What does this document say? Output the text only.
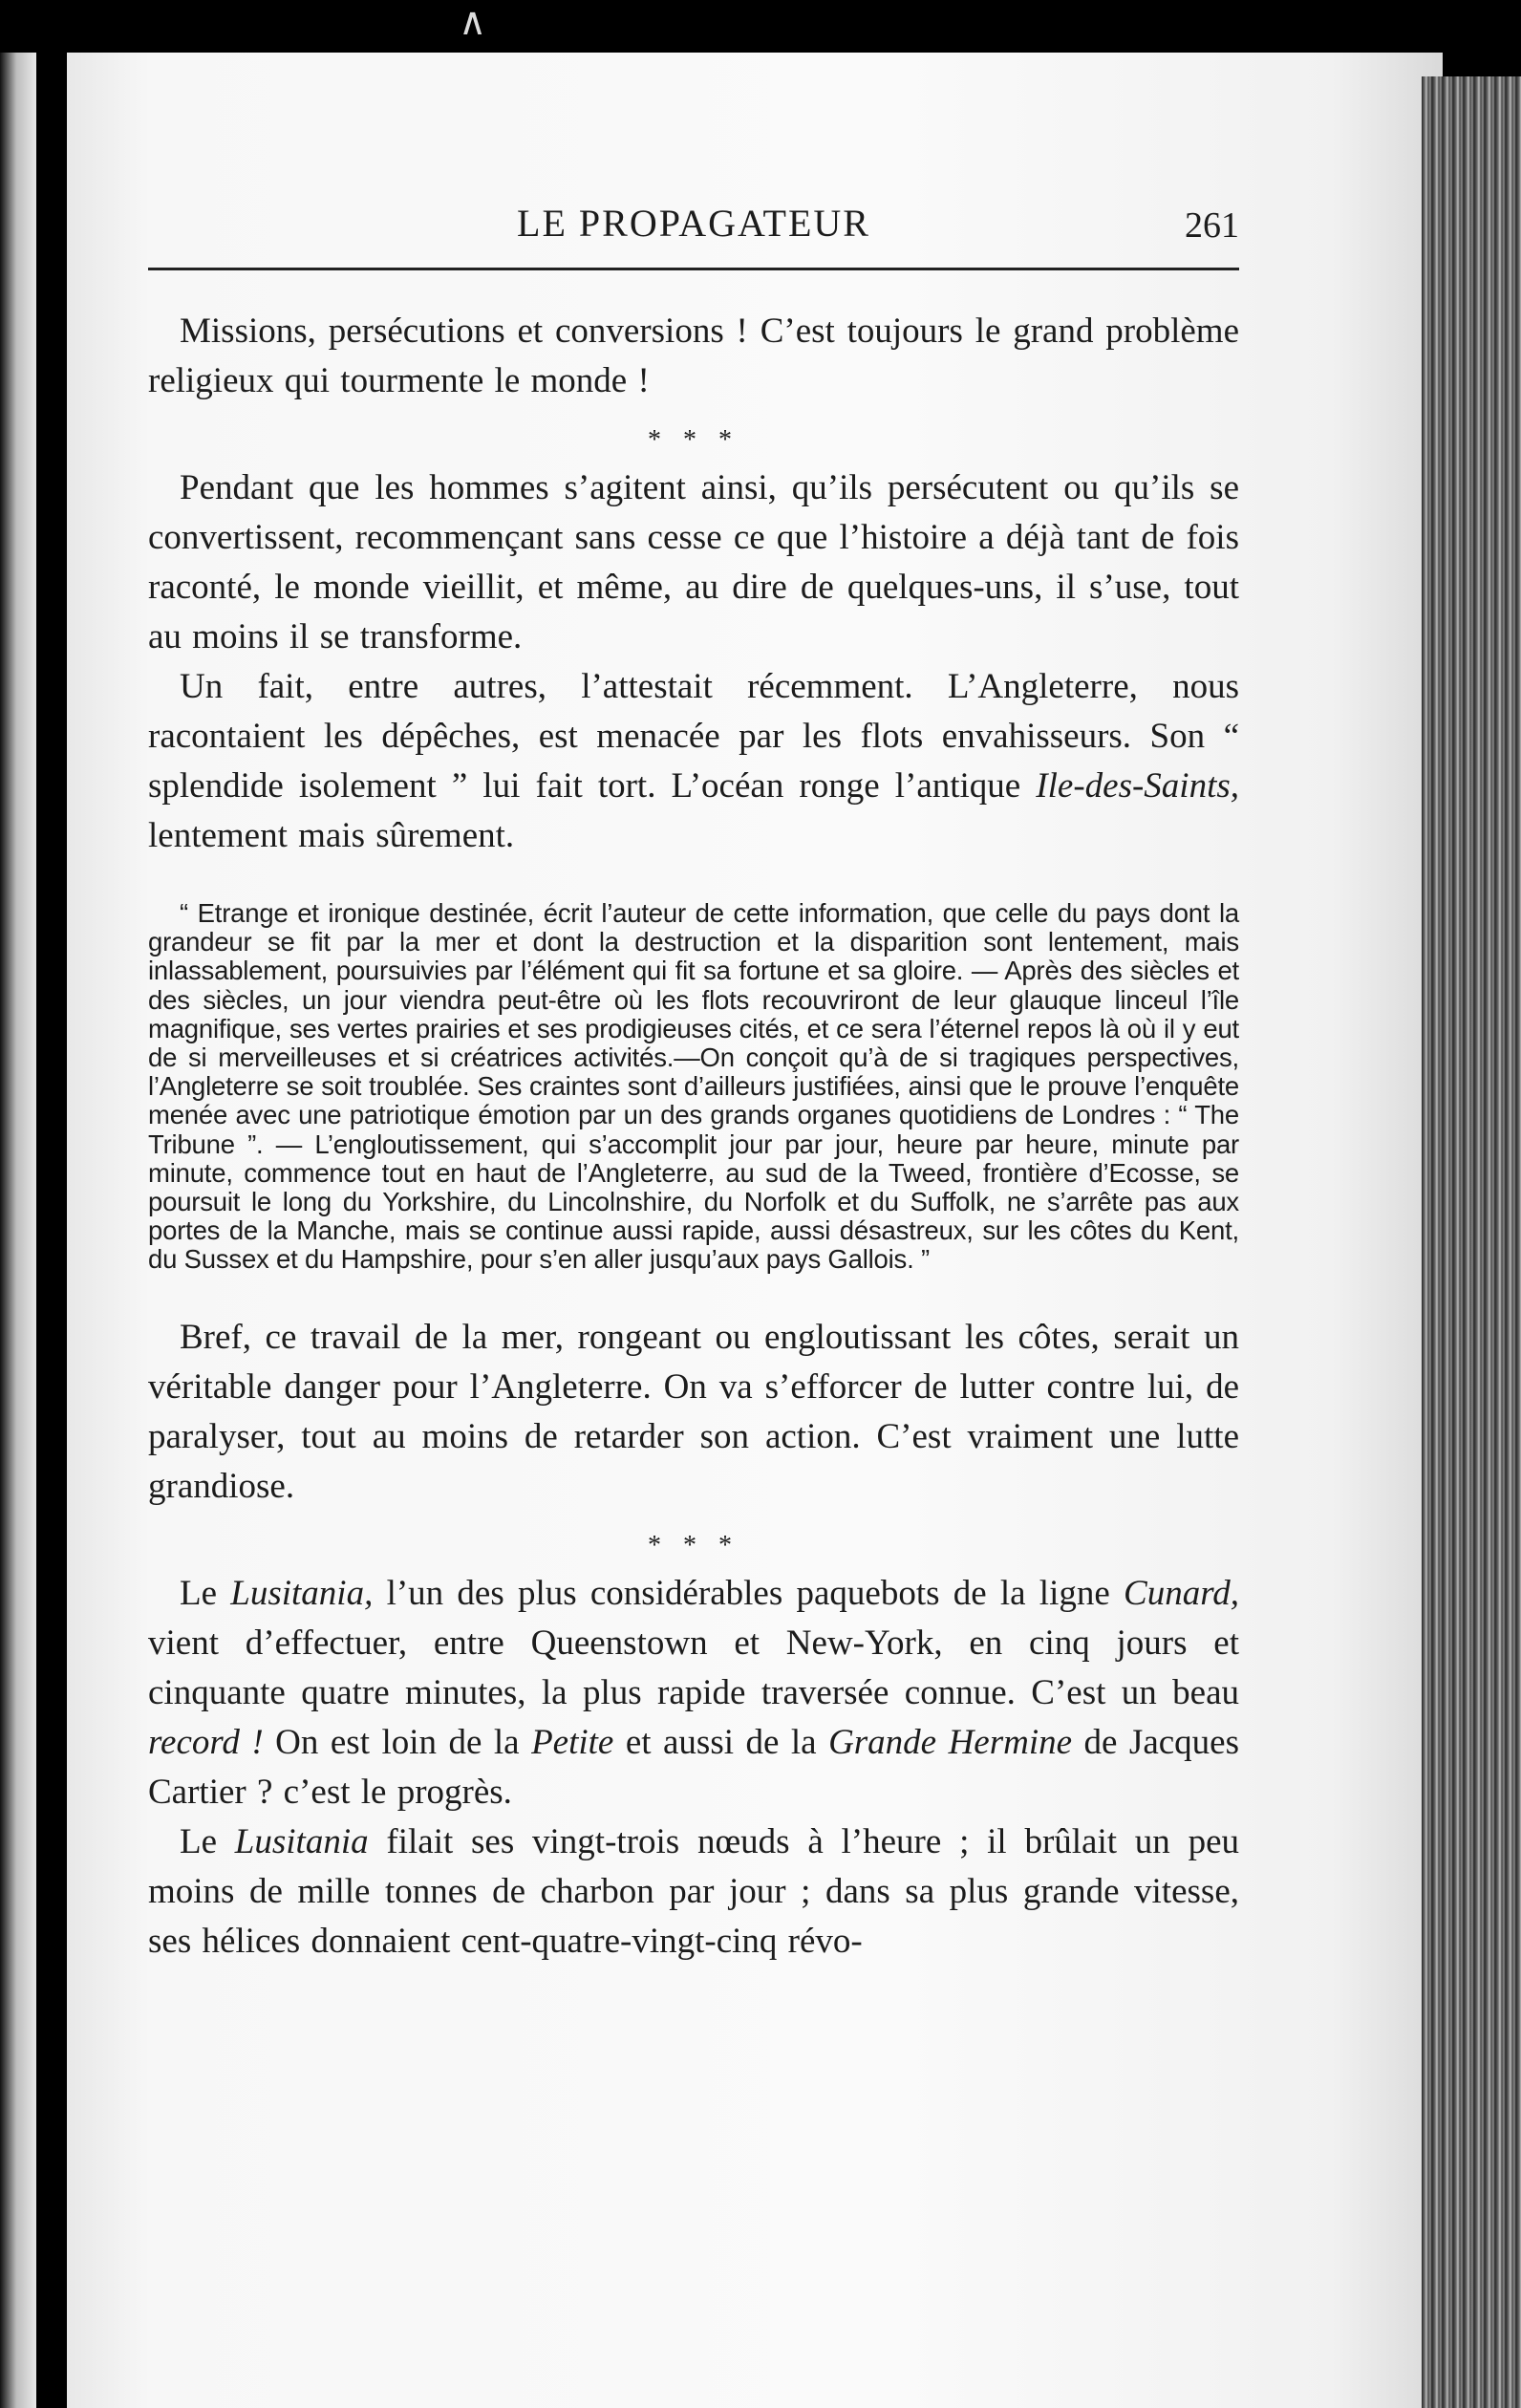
∧
LE PROPAGATEUR	261

Missions, persécutions et conversions ! C’est toujours le grand problème religieux qui tourmente le monde !

* * *

Pendant que les hommes s’agitent ainsi, qu’ils persécutent ou qu’ils se convertissent, recommençant sans cesse ce que l’histoire a déjà tant de fois raconté, le monde vieillit, et même, au dire de quelques-uns, il s’use, tout au moins il se transforme.

Un fait, entre autres, l’attestait récemment. L’Angleterre, nous racontaient les dépêches, est menacée par les flots envahisseurs. Son “ splendide isolement ” lui fait tort. L’océan ronge l’antique Ile-des-Saints, lentement mais sûrement.

“ Etrange et ironique destinée, écrit l’auteur de cette information, que celle du pays dont la grandeur se fit par la mer et dont la destruction et la disparition sont lentement, mais inlassablement, poursuivies par l’élément qui fit sa fortune et sa gloire. — Après des siècles et des siècles, un jour viendra peut-être où les flots recouvriront de leur glauque linceul l’île magnifique, ses vertes prairies et ses prodigieuses cités, et ce sera l’éternel repos là où il y eut de si merveilleuses et si créatrices activités.—On conçoit qu’à de si tragiques perspectives, l’Angleterre se soit troublée. Ses craintes sont d’ailleurs justifiées, ainsi que le prouve l’enquête menée avec une patriotique émotion par un des grands organes quotidiens de Londres : “ The Tribune ”. — L’engloutissement, qui s’accomplit jour par jour, heure par heure, minute par minute, commence tout en haut de l’Angleterre, au sud de la Tweed, frontière d’Ecosse, se poursuit le long du Yorkshire, du Lincolnshire, du Norfolk et du Suffolk, ne s’arrête pas aux portes de la Manche, mais se continue aussi rapide, aussi désastreux, sur les côtes du Kent, du Sussex et du Hampshire, pour s’en aller jusqu’aux pays Gallois. ”

Bref, ce travail de la mer, rongeant ou engloutissant les côtes, serait un véritable danger pour l’Angleterre. On va s’efforcer de lutter contre lui, de paralyser, tout au moins de retarder son action. C’est vraiment une lutte grandiose.

* * *

Le Lusitania, l’un des plus considérables paquebots de la ligne Cunard, vient d’effectuer, entre Queenstown et New-York, en cinq jours et cinquante quatre minutes, la plus rapide traversée connue. C’est un beau record ! On est loin de la Petite et aussi de la Grande Hermine de Jacques Cartier ? c’est le progrès.

Le Lusitania filait ses vingt-trois nœuds à l’heure ; il brûlait un peu moins de mille tonnes de charbon par jour ; dans sa plus grande vitesse, ses hélices donnaient cent-quatre-vingt-cinq révo-
